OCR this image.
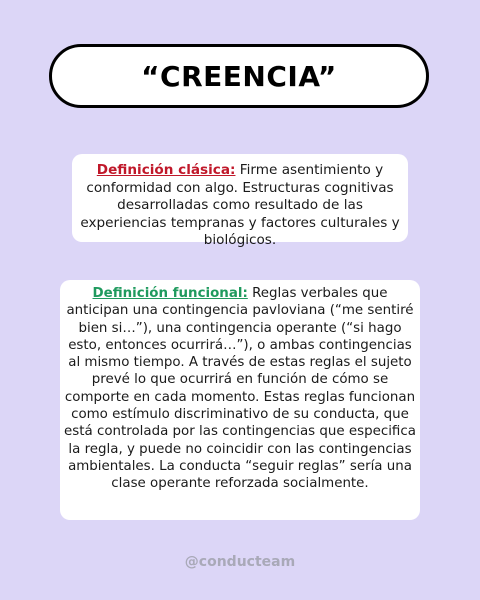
“CREENCIA”

Definición clásica: Firme asentimiento y conformidad con algo. Estructuras cognitivas desarrolladas como resultado de las experiencias tempranas y factores culturales y biológicos.

Definición funcional: Reglas verbales que anticipan una contingencia pavloviana (“me sentiré bien si…”), una contingencia operante (“si hago esto, entonces ocurrirá…”), o ambas contingencias al mismo tiempo. A través de estas reglas el sujeto prevé lo que ocurrirá en función de cómo se comporte en cada momento. Estas reglas funcionan como estímulo discriminativo de su conducta, que está controlada por las contingencias que especifica la regla, y puede no coincidir con las contingencias ambientales. La conducta “seguir reglas” sería una clase operante reforzada socialmente.

@conducteam
